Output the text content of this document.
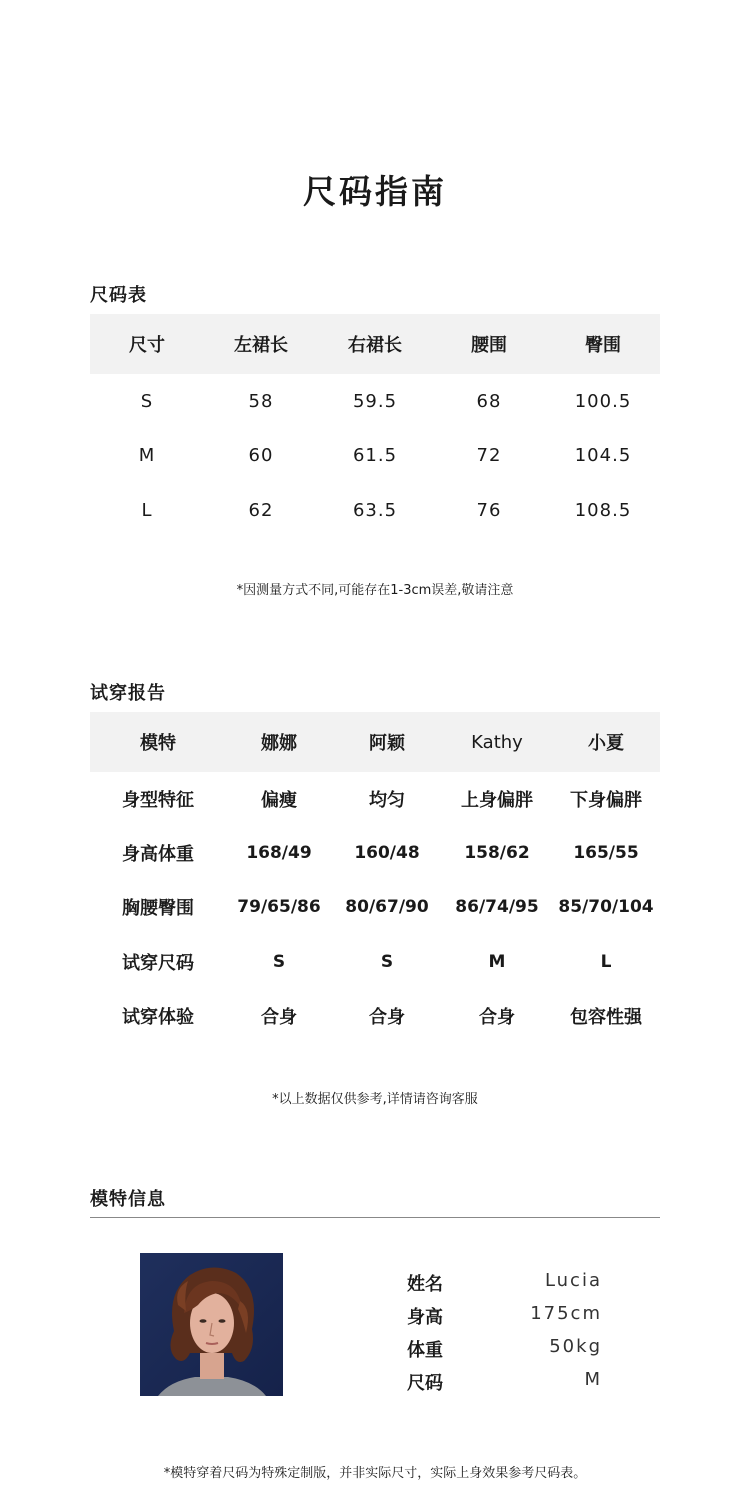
尺码指南
尺码表
尺寸	左裙长	右裙长	腰围	臀围
S	58	59.5	68	100.5
M	60	61.5	72	104.5
L	62	63.5	76	108.5
*因测量方式不同,可能存在1-3cm误差,敬请注意
试穿报告
模特	娜娜	阿颖	Kathy	小夏
身型特征	偏瘦	均匀	上身偏胖	下身偏胖
身高体重	168/49	160/48	158/62	165/55
胸腰臀围	79/65/86	80/67/90	86/74/95	85/70/104
试穿尺码	S	S	M	L
试穿体验	合身	合身	合身	包容性强
*以上数据仅供参考,详情请咨询客服
模特信息
姓名	Lucia
身高	175cm
体重	50kg
尺码	M
*模特穿着尺码为特殊定制版，并非实际尺寸，实际上身效果参考尺码表。
